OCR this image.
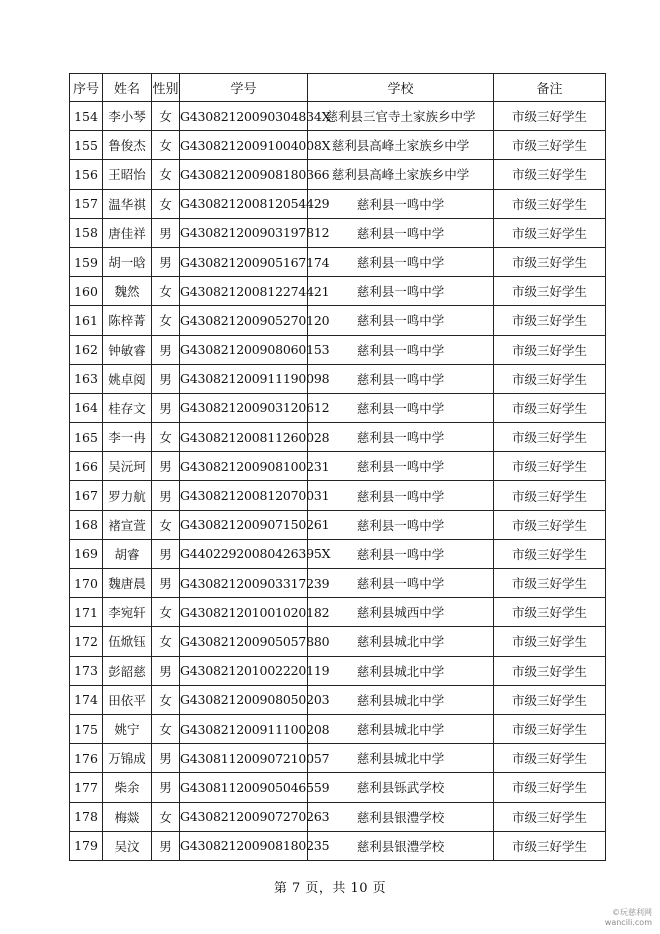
序号	姓名	性别	学号	学校	备注
154	李小琴	女	G43082120090304834X	慈利县三官寺土家族乡中学	市级三好学生
155	鲁俊杰	女	G43082120091004008X	慈利县高峰土家族乡中学	市级三好学生
156	王昭怡	女	G430821200908180366	慈利县高峰土家族乡中学	市级三好学生
157	温华祺	女	G430821200812054429	慈利县一鸣中学	市级三好学生
158	唐佳祥	男	G430821200903197812	慈利县一鸣中学	市级三好学生
159	胡一晗	男	G430821200905167174	慈利县一鸣中学	市级三好学生
160	魏然	女	G430821200812274421	慈利县一鸣中学	市级三好学生
161	陈梓菁	女	G430821200905270120	慈利县一鸣中学	市级三好学生
162	钟敏睿	男	G430821200908060153	慈利县一鸣中学	市级三好学生
163	姚卓阅	男	G430821200911190098	慈利县一鸣中学	市级三好学生
164	桂存文	男	G430821200903120612	慈利县一鸣中学	市级三好学生
165	李一冉	女	G430821200811260028	慈利县一鸣中学	市级三好学生
166	吴沅珂	男	G430821200908100231	慈利县一鸣中学	市级三好学生
167	罗力航	男	G430821200812070031	慈利县一鸣中学	市级三好学生
168	褚宣萱	女	G430821200907150261	慈利县一鸣中学	市级三好学生
169	胡睿	男	G44022920080426395X	慈利县一鸣中学	市级三好学生
170	魏唐晨	男	G430821200903317239	慈利县一鸣中学	市级三好学生
171	李宛轩	女	G430821201001020182	慈利县城西中学	市级三好学生
172	伍焮钰	女	G430821200905057880	慈利县城北中学	市级三好学生
173	彭韶慈	男	G430821201002220119	慈利县城北中学	市级三好学生
174	田依平	女	G430821200908050203	慈利县城北中学	市级三好学生
175	姚宁	女	G430821200911100208	慈利县城北中学	市级三好学生
176	万锦成	男	G430811200907210057	慈利县城北中学	市级三好学生
177	柴余	男	G430811200905046559	慈利县铄武学校	市级三好学生
178	梅燚	女	G430821200907270263	慈利县银澧学校	市级三好学生
179	吴汶	男	G430821200908180235	慈利县银澧学校	市级三好学生
第 7 页，共 10 页
©玩慈利网
wancili.com
